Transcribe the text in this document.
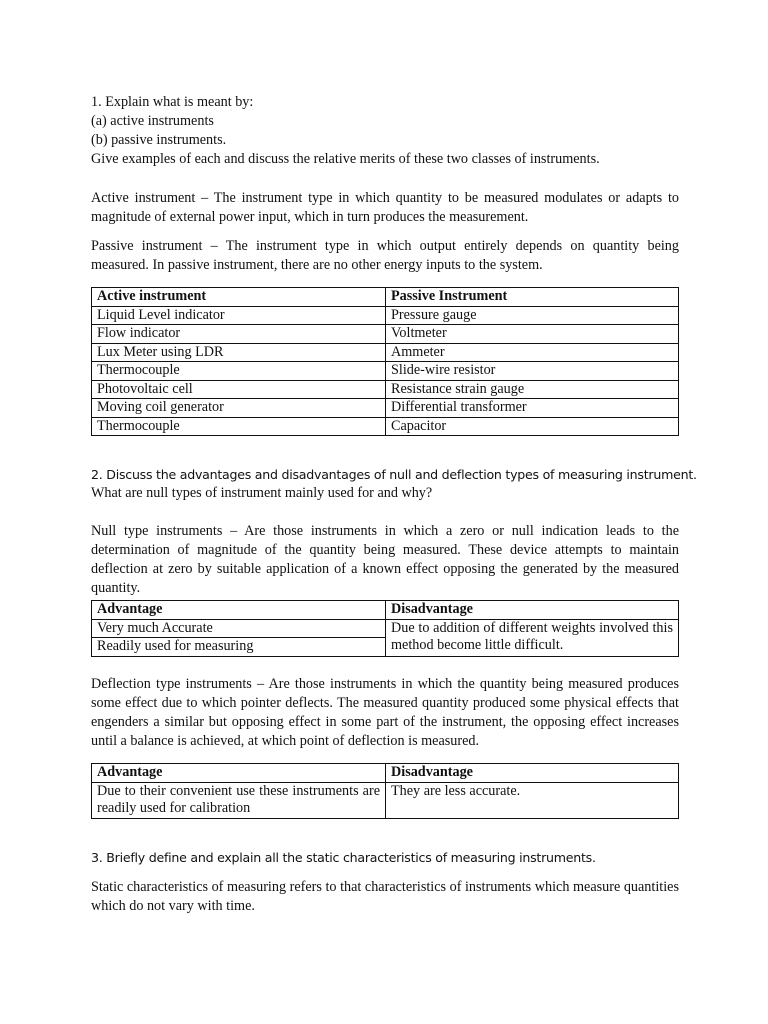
1. Explain what is meant by:

(a) active instruments

(b) passive instruments.

Give examples of each and discuss the relative merits of these two classes of instruments.

Active instrument – The instrument type in which quantity to be measured modulates or adapts to magnitude of external power input, which in turn produces the measurement.

Passive instrument – The instrument type in which output entirely depends on quantity being measured. In passive instrument, there are no other energy inputs to the system.

Active instrument	Passive Instrument
Liquid Level indicator	Pressure gauge
Flow indicator	Voltmeter
Lux Meter using LDR	Ammeter
Thermocouple	Slide-wire resistor
Photovoltaic cell	Resistance strain gauge
Moving coil generator	Differential transformer
Thermocouple	Capacitor

2. Discuss the advantages and disadvantages of null and deflection types of measuring instrument.

What are null types of instrument mainly used for and why?

Null type instruments – Are those instruments in which a zero or null indication leads to the determination of magnitude of the quantity being measured. These device attempts to maintain deflection at zero by suitable application of a known effect opposing the generated by the measured quantity.

Advantage	Disadvantage
Very much Accurate	Due to addition of different weights involved this method become little difficult.
Readily used for measuring	

Deflection type instruments – Are those instruments in which the quantity being measured produces some effect due to which pointer deflects. The measured quantity produced some physical effects that engenders a similar but opposing effect in some part of the instrument, the opposing effect increases until a balance is achieved, at which point of deflection is measured.

Advantage	Disadvantage
Due to their convenient use these instruments are readily used for calibration	They are less accurate.

3. Briefly define and explain all the static characteristics of measuring instruments.

Static characteristics of measuring refers to that characteristics of instruments which measure quantities which do not vary with time.
